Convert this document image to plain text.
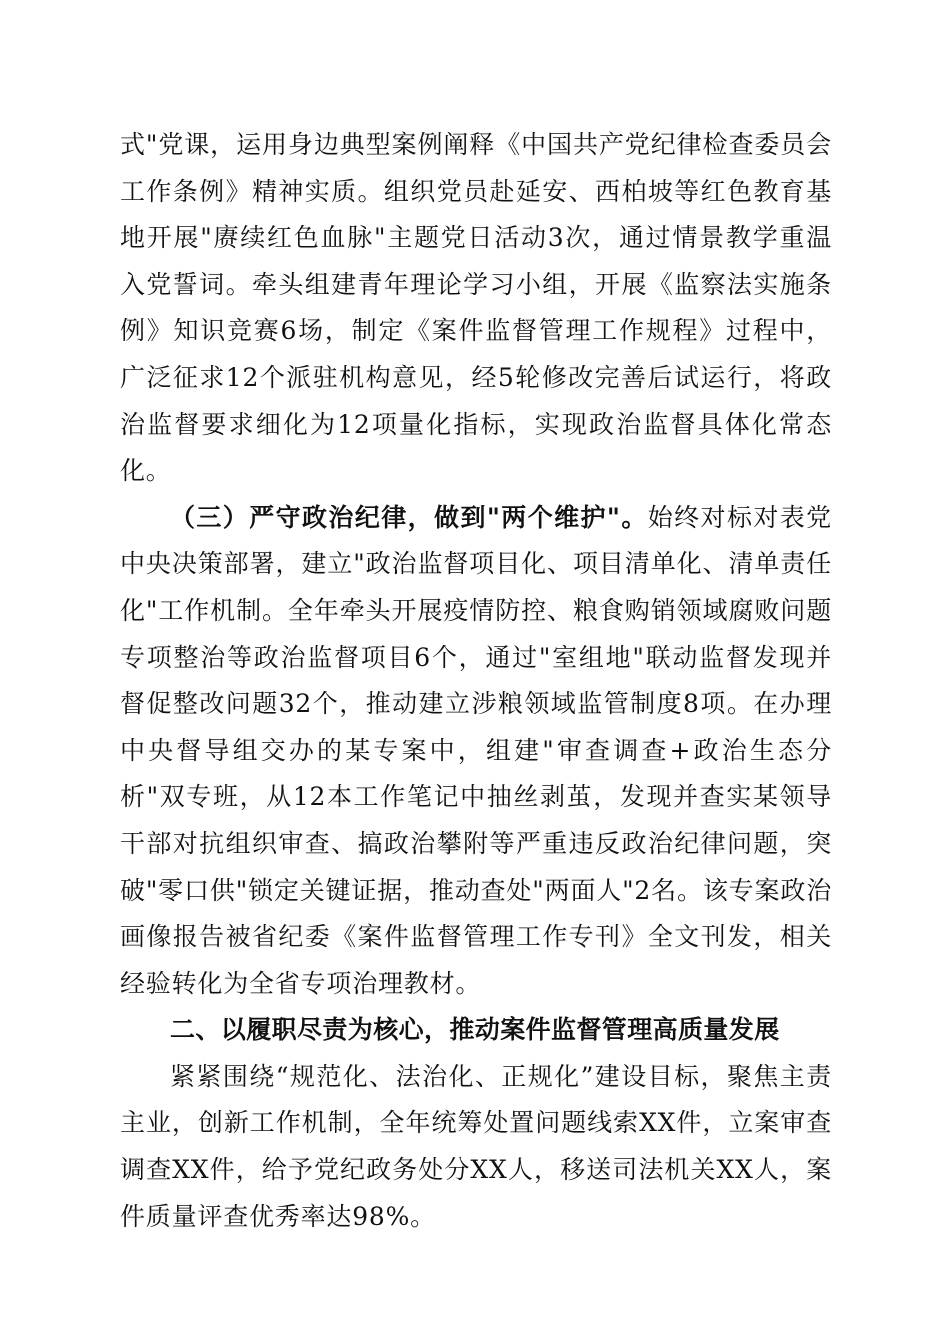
式"党课，运用身边典型案例阐释《中国共产党纪律检查委员会工作条例》精神实质。组织党员赴延安、西柏坡等红色教育基地开展"赓续红色血脉"主题党日活动3次，通过情景教学重温入党誓词。牵头组建青年理论学习小组，开展《监察法实施条例》知识竞赛6场，制定《案件监督管理工作规程》过程中，广泛征求12个派驻机构意见，经5轮修改完善后试运行，将政治监督要求细化为12项量化指标，实现政治监督具体化常态化。

（三）严守政治纪律，做到"两个维护"。始终对标对表党中央决策部署，建立"政治监督项目化、项目清单化、清单责任化"工作机制。全年牵头开展疫情防控、粮食购销领域腐败问题专项整治等政治监督项目6个，通过"室组地"联动监督发现并督促整改问题32个，推动建立涉粮领域监管制度8项。在办理中央督导组交办的某专案中，组建"审查调查+政治生态分析"双专班，从12本工作笔记中抽丝剥茧，发现并查实某领导干部对抗组织审查、搞政治攀附等严重违反政治纪律问题，突破"零口供"锁定关键证据，推动查处"两面人"2名。该专案政治画像报告被省纪委《案件监督管理工作专刊》全文刊发，相关经验转化为全省专项治理教材。

二、以履职尽责为核心，推动案件监督管理高质量发展

紧紧围绕“规范化、法治化、正规化”建设目标，聚焦主责主业，创新工作机制，全年统筹处置问题线索XX件，立案审查调查XX件，给予党纪政务处分XX人，移送司法机关XX人，案件质量评查优秀率达98%。
